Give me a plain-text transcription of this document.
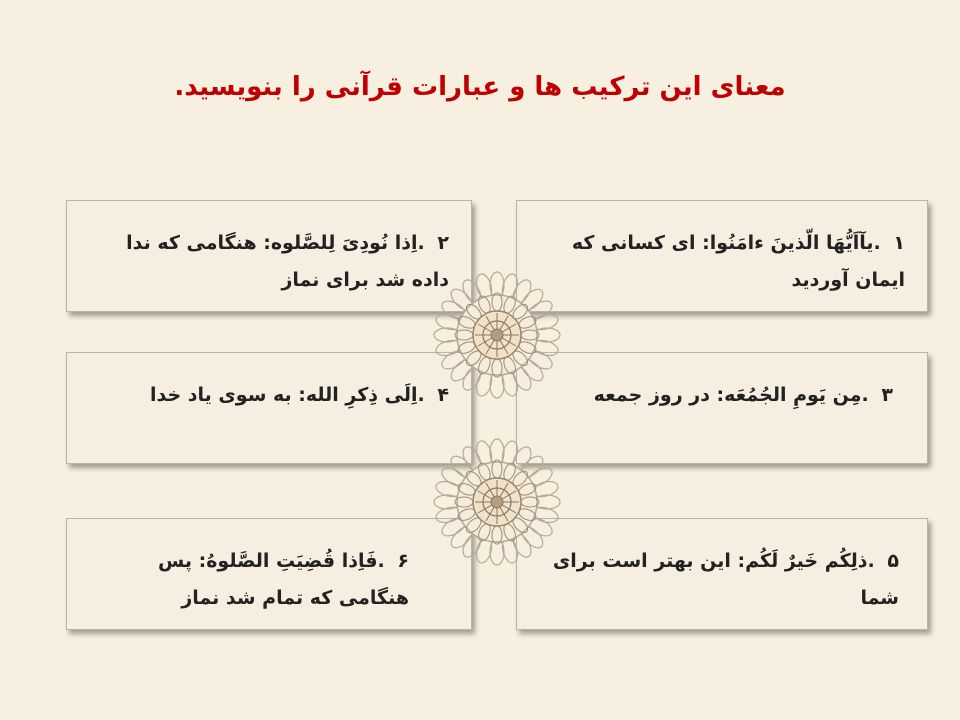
معنای این ترکیب ها و عبارات قرآنی را بنویسید.
۱ .یآاَیُّهَا الّذینَ ءامَنُوا: ای کسانی که ایمان آوردید
۲ .اِذا نُودِیَ لِلصَّلوه: هنگامی که ندا داده شد برای نماز
۳ .مِن یَومِ الجُمُعَه: در روز جمعه
۴ .اِلَی ذِکرِ الله: به سوی یاد خدا
۵ .ذلِکُم خَیرٌ لَکُم: این بهتر است برای شما
۶ .فَاِذا قُضِیَتِ الصَّلوهُ: پس هنگامی که تمام شد نماز
